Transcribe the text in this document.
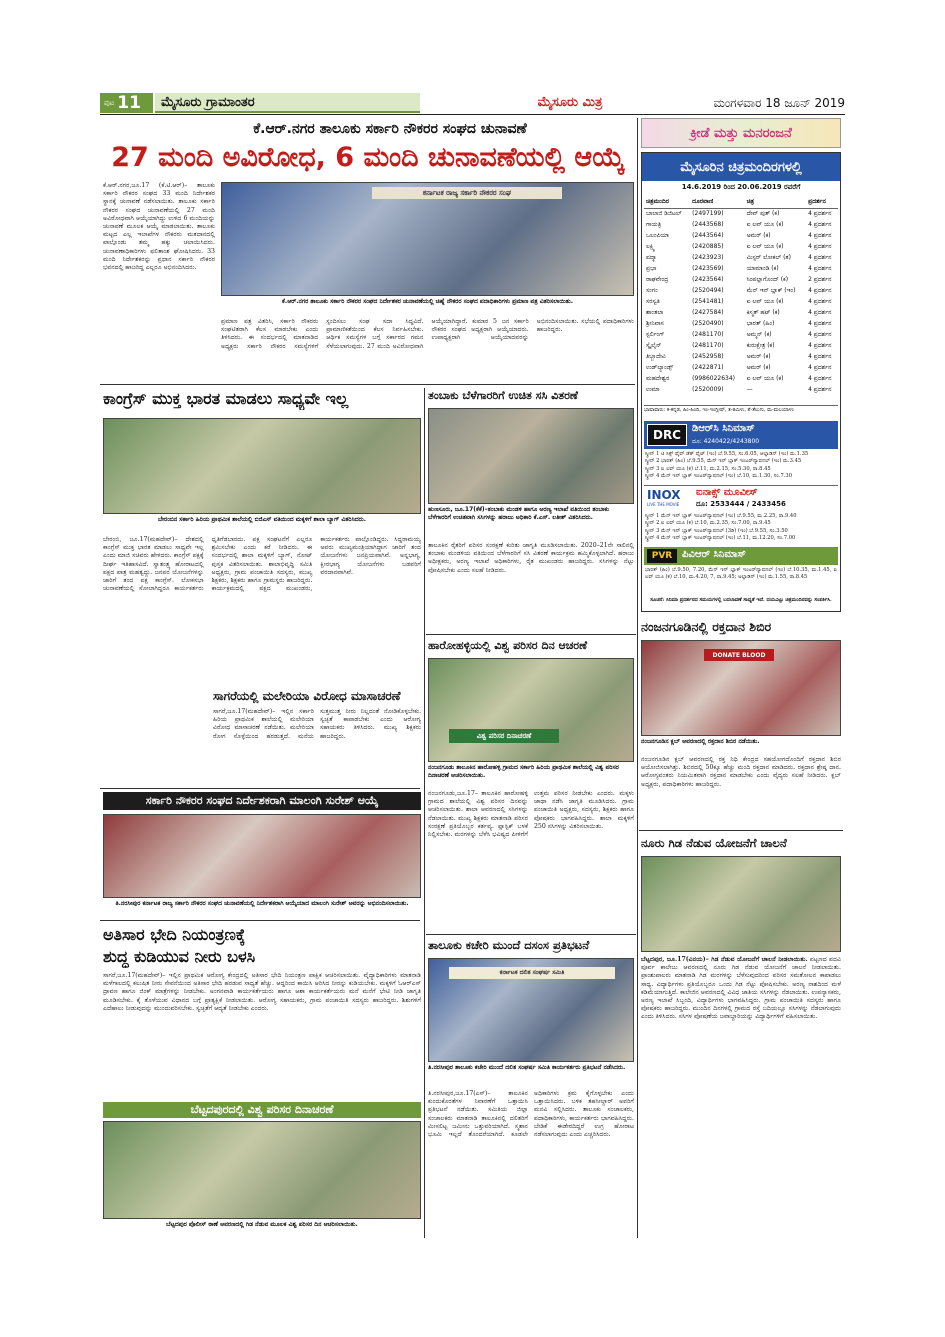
ಪುಟ 11	ಮೈಸೂರು ಗ್ರಾಮಾಂತರ	ಮೈಸೂರು ಮಿತ್ರ	ಮಂಗಳವಾರ 18 ಜೂನ್ 2019
ಕೆ.ಆರ್.ನಗರ ತಾಲೂಕು ಸರ್ಕಾರಿ ನೌಕರರ ಸಂಘದ ಚುನಾವಣೆ
27 ಮಂದಿ ಅವಿರೋಧ, 6 ಮಂದಿ ಚುನಾವಣೆಯಲ್ಲಿ ಆಯ್ಕೆ
ಕೆ.ಆರ್.ನಗರ,ಜೂ.17 (ಕೆ.ಟಿ.ಆರ್)– ತಾಲೂಕು ಸರ್ಕಾರಿ ನೌಕರರ ಸಂಘದ 33 ಮಂದಿ ನಿರ್ದೇಶಕರ ಸ್ಥಾನಕ್ಕೆ ಚುನಾವಣೆ ನಡೆಸಲಾಯಿತು. ತಾಲೂಕು ಸರ್ಕಾರಿ ನೌಕರರ ಸಂಘದ ಚುನಾವಣೆಯಲ್ಲಿ 27 ಮಂದಿ ಅವಿರೋಧವಾಗಿ ಆಯ್ಕೆಯಾಗಿದ್ದು ಉಳಿದ 6 ಮಂದಿಯನ್ನು ಚುನಾವಣೆ ಮೂಲಕ ಆಯ್ಕೆ ಮಾಡಲಾಯಿತು. ತಾಲೂಕು ಮಟ್ಟದ ಎಲ್ಲ ಇಲಾಖೆಗಳ ನೌಕರರು ಮತದಾನದಲ್ಲಿ ಪಾಲ್ಗೊಂಡು ತಮ್ಮ ಹಕ್ಕು ಚಲಾಯಿಸಿದರು. ಚುನಾವಣಾಧಿಕಾರಿಗಳು ಫಲಿತಾಂಶ ಘೋಷಿಸಿದರು. 33 ಮಂದಿ ನಿರ್ದೇಶಕರನ್ನು ಪ್ರಧಾನ ಸರ್ಕಾರಿ ನೌಕರರ ಭವನದಲ್ಲಿ ಹಾಜರಿದ್ದ ಎಲ್ಲರೂ ಅಭಿನಂದಿಸಿದರು.
ಕರ್ನಾಟಕ ರಾಜ್ಯ ಸರ್ಕಾರಿ ನೌಕರರ ಸಂಘ
ಕೆ.ಆರ್.ನಗರ ತಾಲೂಕು ಸರ್ಕಾರಿ ನೌಕರರ ಸಂಘದ ನಿರ್ದೇಶಕರ ಚುನಾವಣೆಯಲ್ಲಿ ಚಿಹ್ನೆ ನೌಕರರ ಸಂಘದ ಪದಾಧಿಕಾರಿಗಳು ಪ್ರಮಾಣ ಪತ್ರ ವಿತರಿಸಲಾಯಿತು.
ಪ್ರಮಾಣ ಪತ್ರ ವಿತರಿಸಿ, ಸರ್ಕಾರಿ ನೌಕರರು ಸಂಘಟಿತರಾಗಿ ಕೆಲಸ ಮಾಡಬೇಕು ಎಂದು ತಿಳಿಸಿದರು. ಈ ಸಂದರ್ಭದಲ್ಲಿ ಮಾತನಾಡಿದ ಅಧ್ಯಕ್ಷರು ಸರ್ಕಾರಿ ನೌಕರರ ಸಮಸ್ಯೆಗಳಿಗೆ ಸ್ಪಂದಿಸಲು ಸಂಘ ಸದಾ ಸಿದ್ಧವಿದೆ. ಪ್ರಾಮಾಣಿಕತೆಯಿಂದ ಕೆಲಸ ನಿರ್ವಹಿಸಬೇಕು. ಆರ್ಥಿಕ ಸಮಸ್ಯೆಗಳ ಬಗ್ಗೆ ಸರ್ಕಾರದ ಗಮನ ಸೆಳೆಯಲಾಗುವುದು. 27 ಮಂದಿ ಅವಿರೋಧವಾಗಿ ಆಯ್ಕೆಯಾಗಿದ್ದಾರೆ. ಕುಮಾರ 5 ಜನ ಸರ್ಕಾರಿ ನೌಕರರ ಸಂಘದ ಅಧ್ಯಕ್ಷರಾಗಿ ಆಯ್ಕೆಯಾದರು. ಉಪಾಧ್ಯಕ್ಷರಾಗಿ ಆಯ್ಕೆಯಾದವರನ್ನು ಅಭಿನಂದಿಸಲಾಯಿತು. ಸಭೆಯಲ್ಲಿ ಪದಾಧಿಕಾರಿಗಳು ಹಾಜರಿದ್ದರು.
ಕಾಂಗ್ರೆಸ್ ಮುಕ್ತ ಭಾರತ ಮಾಡಲು ಸಾಧ್ಯವೇ ಇಲ್ಲ
ಬೇರಂಬಿನ ಸರ್ಕಾರಿ ಹಿರಿಯ ಪ್ರಾಥಮಿಕ ಶಾಲೆಯಲ್ಲಿ ಬಿಜಿಎಸ್ ವತಿಯಿಂದ ಮಕ್ಕಳಿಗೆ ಶಾಲಾ ಬ್ಯಾಗ್ ವಿತರಿಸಿದರು.
ಬೇರಂಬಿ, ಜೂ.17(ಮಹದೇವ್)– ದೇಶದಲ್ಲಿ ಕಾಂಗ್ರೆಸ್ ಮುಕ್ತ ಭಾರತ ಮಾಡಲು ಸಾಧ್ಯವೇ ಇಲ್ಲ ಎಂದು ಮಾಜಿ ಸಚಿವರು ಹೇಳಿದರು. ಕಾಂಗ್ರೆಸ್ ಪಕ್ಷಕ್ಕೆ ದೀರ್ಘ ಇತಿಹಾಸವಿದೆ. ಸ್ವಾತಂತ್ರ್ಯ ಹೋರಾಟದಲ್ಲಿ ಪಕ್ಷದ ಪಾತ್ರ ಮಹತ್ವದ್ದು. ಜನಪರ ಯೋಜನೆಗಳನ್ನು ಜಾರಿಗೆ ತಂದ ಪಕ್ಷ ಕಾಂಗ್ರೆಸ್. ಲೋಕಸಭಾ ಚುನಾವಣೆಯಲ್ಲಿ ಸೋಲಾಗಿದ್ದರೂ ಕಾರ್ಯಕರ್ತರು ಧೃತಿಗೆಡಬಾರದು. ಪಕ್ಷ ಸಂಘಟನೆಗೆ ಎಲ್ಲರೂ ಶ್ರಮಿಸಬೇಕು ಎಂದು ಕರೆ ನೀಡಿದರು. ಈ ಸಂದರ್ಭದಲ್ಲಿ ಶಾಲಾ ಮಕ್ಕಳಿಗೆ ಬ್ಯಾಗ್, ನೋಟ್ ಪುಸ್ತಕ ವಿತರಿಸಲಾಯಿತು. ಶಾಲಾಭಿವೃದ್ಧಿ ಸಮಿತಿ ಅಧ್ಯಕ್ಷರು, ಗ್ರಾಮ ಪಂಚಾಯಿತಿ ಸದಸ್ಯರು, ಮುಖ್ಯ ಶಿಕ್ಷಕರು, ಶಿಕ್ಷಕರು ಹಾಗೂ ಗ್ರಾಮಸ್ಥರು ಹಾಜರಿದ್ದರು. ಕಾರ್ಯಕ್ರಮದಲ್ಲಿ ಪಕ್ಷದ ಮುಖಂಡರು, ಕಾರ್ಯಕರ್ತರು ಪಾಲ್ಗೊಂಡಿದ್ದರು. ಸಿದ್ದರಾಮಯ್ಯ ಅವರು ಮುಖ್ಯಮಂತ್ರಿಯಾಗಿದ್ದಾಗ ಜಾರಿಗೆ ತಂದ ಯೋಜನೆಗಳು ಜನಪ್ರಿಯವಾಗಿವೆ. ಅನ್ನಭಾಗ್ಯ, ಕ್ಷೀರಭಾಗ್ಯ ಯೋಜನೆಗಳು ಬಡವರಿಗೆ ವರದಾನವಾಗಿವೆ.
ಸಾಗರೆಯಲ್ಲಿ ಮಲೇರಿಯಾ ವಿರೋಧ ಮಾಸಾಚರಣೆ
ಸಾಗರೆ,ಜೂ.17(ಮಹದೇವ್)– ಇಲ್ಲಿನ ಸರ್ಕಾರಿ ಹಿರಿಯ ಪ್ರಾಥಮಿಕ ಶಾಲೆಯಲ್ಲಿ ಮಲೇರಿಯಾ ವಿರೋಧ ಮಾಸಾಚರಣೆ ನಡೆಯಿತು. ಮಲೇರಿಯಾ ರೋಗ ಸೊಳ್ಳೆಯಿಂದ ಹರಡುತ್ತದೆ. ಮನೆಯ ಸುತ್ತಮುತ್ತ ನೀರು ನಿಲ್ಲದಂತೆ ನೋಡಿಕೊಳ್ಳಬೇಕು. ಸ್ವಚ್ಛತೆ ಕಾಪಾಡಬೇಕು ಎಂದು ಆರೋಗ್ಯ ಸಹಾಯಕರು ತಿಳಿಸಿದರು. ಮುಖ್ಯ ಶಿಕ್ಷಕರು ಹಾಜರಿದ್ದರು.
ಸರ್ಕಾರಿ ನೌಕರರ ಸಂಘದ ನಿರ್ದೇಶಕರಾಗಿ ಮಾಲಂಗಿ ಸುರೇಶ್ ಆಯ್ಕೆ
ತಿ.ನರಸೀಪುರ ಕರ್ನಾಟಕ ರಾಜ್ಯ ಸರ್ಕಾರಿ ನೌಕರರ ಸಂಘದ ಚುನಾವಣೆಯಲ್ಲಿ ನಿರ್ದೇಶಕರಾಗಿ ಆಯ್ಕೆಯಾದ ಮಾಲಂಗಿ ಸುರೇಶ್ ಅವರನ್ನು ಅಭಿನಂದಿಸಲಾಯಿತು.
ಅತಿಸಾರ ಭೇದಿ ನಿಯಂತ್ರಣಕ್ಕೆ
ಶುದ್ಧ ಕುಡಿಯುವ ನೀರು ಬಳಸಿ
ಸಾಗರೆ,ಜೂ.17(ಮಹದೇವ್)– ಇಲ್ಲಿನ ಪ್ರಾಥಮಿಕ ಆರೋಗ್ಯ ಕೇಂದ್ರದಲ್ಲಿ ಅತಿಸಾರ ಭೇದಿ ನಿಯಂತ್ರಣ ಪಾಕ್ಷಿಕ ಆಚರಿಸಲಾಯಿತು. ವೈದ್ಯಾಧಿಕಾರಿಗಳು ಮಾತನಾಡಿ ಮಳೆಗಾಲದಲ್ಲಿ ಕಲುಷಿತ ನೀರು ಸೇವನೆಯಿಂದ ಅತಿಸಾರ ಭೇದಿ ಹರಡುವ ಸಾಧ್ಯತೆ ಹೆಚ್ಚು. ಆದ್ದರಿಂದ ಕಾಯಿಸಿ ಆರಿಸಿದ ನೀರನ್ನು ಕುಡಿಯಬೇಕು. ಮಕ್ಕಳಿಗೆ ಓಆರ್‌ಎಸ್ ದ್ರಾವಣ ಹಾಗೂ ಜಿಂಕ್ ಮಾತ್ರೆಗಳನ್ನು ನೀಡಬೇಕು. ಅಂಗನವಾಡಿ ಕಾರ್ಯಕರ್ತೆಯರು ಹಾಗೂ ಆಶಾ ಕಾರ್ಯಕರ್ತೆಯರು ಮನೆ ಮನೆಗೆ ಭೇಟಿ ನೀಡಿ ಜಾಗೃತಿ ಮೂಡಿಸಬೇಕು. ಕೈ ತೊಳೆಯುವ ವಿಧಾನದ ಬಗ್ಗೆ ಪ್ರಾತ್ಯಕ್ಷಿಕೆ ನೀಡಲಾಯಿತು. ಆರೋಗ್ಯ ಸಹಾಯಕರು, ಗ್ರಾಮ ಪಂಚಾಯಿತಿ ಸದಸ್ಯರು ಹಾಜರಿದ್ದರು. ಶಿಶುಗಳಿಗೆ ಎದೆಹಾಲು ನೀಡುವುದನ್ನು ಮುಂದುವರಿಸಬೇಕು. ಸ್ವಚ್ಛತೆಗೆ ಆದ್ಯತೆ ನೀಡಬೇಕು ಎಂದರು.
ಬೆಟ್ಟದಪುರದಲ್ಲಿ ವಿಶ್ವ ಪರಿಸರ ದಿನಾಚರಣೆ
ಬೆಟ್ಟದಪುರ ಪೊಲೀಸ್ ಠಾಣೆ ಆವರಣದಲ್ಲಿ ಗಿಡ ನೆಡುವ ಮೂಲಕ ವಿಶ್ವ ಪರಿಸರ ದಿನ ಆಚರಿಸಲಾಯಿತು.
ತಂಬಾಕು ಬೆಳೆಗಾರರಿಗೆ ಉಚಿತ ಸಸಿ ವಿತರಣೆ
ಹುಣಸೂರು, ಜೂ.17(ಕೆಕೆ)–ತಂಬಾಕು ಮಂಡಳಿ ಹಾಗೂ ಅರಣ್ಯ ಇಲಾಖೆ ವತಿಯಿಂದ ತಂಬಾಕು ಬೆಳೆಗಾರರಿಗೆ ಉಚಿತವಾಗಿ ಸಸಿಗಳನ್ನು ಹರಾಜು ಅಧಿಕಾರಿ ಕೆ.ಎಸ್. ಲತೀಶ್ ವಿತರಿಸಿದರು.
ತಾಲೂಕಿನ ರೈತರಿಗೆ ಪರಿಸರ ಸಂರಕ್ಷಣೆ ಕುರಿತು ಜಾಗೃತಿ ಮೂಡಿಸಲಾಯಿತು. 2020–21ನೇ ಸಾಲಿನಲ್ಲಿ ತಂಬಾಕು ಮಂಡಳಿಯ ವತಿಯಿಂದ ಬೆಳೆಗಾರರಿಗೆ ಸಸಿ ವಿತರಣೆ ಕಾರ್ಯಕ್ರಮ ಹಮ್ಮಿಕೊಳ್ಳಲಾಗಿದೆ. ಹರಾಜು ಅಧೀಕ್ಷಕರು, ಅರಣ್ಯ ಇಲಾಖೆ ಅಧಿಕಾರಿಗಳು, ರೈತ ಮುಖಂಡರು ಹಾಜರಿದ್ದರು. ಸಸಿಗಳನ್ನು ನೆಟ್ಟು ಪೋಷಿಸಬೇಕು ಎಂದು ಸಲಹೆ ನೀಡಿದರು.
ಹಾರೋಹಳ್ಳಿಯಲ್ಲಿ ವಿಶ್ವ ಪರಿಸರ ದಿನ ಆಚರಣೆ
ವಿಶ್ವ ಪರಿಸರ ದಿನಾಚರಣೆ
ನಂಜನಗೂಡು ತಾಲೂಕಿನ ಹಾರೋಹಳ್ಳಿ ಗ್ರಾಮದ ಸರ್ಕಾರಿ ಹಿರಿಯ ಪ್ರಾಥಮಿಕ ಶಾಲೆಯಲ್ಲಿ ವಿಶ್ವ ಪರಿಸರ ದಿನಾಚರಣೆ ಆಚರಿಸಲಾಯಿತು.
ನಂಜನಗೂಡು,ಜೂ.17– ತಾಲೂಕಿನ ಹಾರೋಹಳ್ಳಿ ಗ್ರಾಮದ ಶಾಲೆಯಲ್ಲಿ ವಿಶ್ವ ಪರಿಸರ ದಿನವನ್ನು ಆಚರಿಸಲಾಯಿತು. ಶಾಲಾ ಆವರಣದಲ್ಲಿ ಸಸಿಗಳನ್ನು ನೆಡಲಾಯಿತು. ಮುಖ್ಯ ಶಿಕ್ಷಕರು ಮಾತನಾಡಿ ಪರಿಸರ ಸಂರಕ್ಷಣೆ ಪ್ರತಿಯೊಬ್ಬರ ಕರ್ತವ್ಯ. ಪ್ಲಾಸ್ಟಿಕ್ ಬಳಕೆ ನಿಲ್ಲಿಸಬೇಕು. ಮರಗಳನ್ನು ಬೆಳೆಸಿ ಭವಿಷ್ಯದ ಪೀಳಿಗೆಗೆ ಉತ್ತಮ ಪರಿಸರ ನೀಡಬೇಕು ಎಂದರು. ಮಕ್ಕಳು ಜಾಥಾ ನಡೆಸಿ ಜಾಗೃತಿ ಮೂಡಿಸಿದರು. ಗ್ರಾಮ ಪಂಚಾಯಿತಿ ಅಧ್ಯಕ್ಷರು, ಸದಸ್ಯರು, ಶಿಕ್ಷಕರು ಹಾಗೂ ಪೋಷಕರು ಭಾಗವಹಿಸಿದ್ದರು. ಶಾಲಾ ಮಕ್ಕಳಿಗೆ 250 ಸಸಿಗಳನ್ನು ವಿತರಿಸಲಾಯಿತು.
ತಾಲೂಕು ಕಚೇರಿ ಮುಂದೆ ದಸಂಸ ಪ್ರತಿಭಟನೆ
ಕರ್ನಾಟಕ ದಲಿತ ಸಂಘರ್ಷ ಸಮಿತಿ
ತಿ.ನರಸೀಪುರ ತಾಲೂಕು ಕಚೇರಿ ಮುಂದೆ ದಲಿತ ಸಂಘರ್ಷ ಸಮಿತಿ ಕಾರ್ಯಕರ್ತರು ಪ್ರತಿಭಟನೆ ನಡೆಸಿದರು.
ತಿ.ನರಸೀಪುರ,ಜೂ.17(ಎಸ್)– ತಾಲೂಕಿನ ಕುಂದುಕೊರತೆಗಳ ನಿವಾರಣೆಗೆ ಒತ್ತಾಯಿಸಿ ಪ್ರತಿಭಟನೆ ನಡೆಯಿತು. ಸಮಿತಿಯ ಜಿಲ್ಲಾ ಸಂಚಾಲಕರು ಮಾತನಾಡಿ ತಾಲೂಕಿನಲ್ಲಿ ದಲಿತರಿಗೆ ಮೀಸಲಿಟ್ಟ ಜಮೀನು ಒತ್ತುವರಿಯಾಗಿದೆ. ಸ್ಮಶಾನ ಭೂಮಿ ಇಲ್ಲದೆ ತೊಂದರೆಯಾಗಿದೆ. ಕೂಡಲೇ ಅಧಿಕಾರಿಗಳು ಕ್ರಮ ಕೈಗೊಳ್ಳಬೇಕು ಎಂದು ಒತ್ತಾಯಿಸಿದರು. ಬಳಿಕ ತಹಸೀಲ್ದಾರ್ ಅವರಿಗೆ ಮನವಿ ಸಲ್ಲಿಸಿದರು. ತಾಲೂಕು ಸಂಚಾಲಕರು, ಪದಾಧಿಕಾರಿಗಳು, ಕಾರ್ಯಕರ್ತರು ಭಾಗವಹಿಸಿದ್ದರು. ಬೇಡಿಕೆ ಈಡೇರದಿದ್ದರೆ ಉಗ್ರ ಹೋರಾಟ ನಡೆಸಲಾಗುವುದು ಎಂದು ಎಚ್ಚರಿಸಿದರು.
ಕ್ರೀಡೆ ಮತ್ತು ಮನರಂಜನೆ
ಮೈಸೂರಿನ ಚಿತ್ರಮಂದಿರಗಳಲ್ಲಿ
14.6.2019 ರಿಂದ 20.06.2019 ರವರೆಗೆ
ಚಿತ್ರಮಂದಿರ	ದೂರವಾಣಿ	ಚಿತ್ರ	ಪ್ರದರ್ಶನ
ಬಾಲಾಜಿ ಡಿಜಿಟಲ್	(2497199)	ದೇವ್ ಪುತ್ (ಕ)	4 ಪ್ರದರ್ಶನ
ಗಾಯತ್ರಿ	(2443568)	ಐ ಲವ್ ಯೂ (ಕ)	4 ಪ್ರದರ್ಶನ
ಒಲಂಪಿಯಾ	(2443564)	ಅಮರ್ (ಕ)	4 ಪ್ರದರ್ಶನ
ಲಕ್ಷ್ಮಿ	(2420885)	ಐ ಲವ್ ಯೂ (ಕ)	4 ಪ್ರದರ್ಶನ
ಪದ್ಮಾ	(2423923)	ಮಿಸ್ಟರ್ ಲೋಕಲ್ (ತ)	4 ಪ್ರದರ್ಶನ
ಪ್ರಭಾ	(2423569)	ಯಾಮಾಂಡಿ (ಕ)	4 ಪ್ರದರ್ಶನ
ರಾಘವೇಂದ್ರ	(2423564)	ಸಿಂಪಲ್ಲಾಗೊಂದ್ (ಕ)	2 ಪ್ರದರ್ಶನ
ಸಂಗಂ	(2520494)	ಮೆನ್ ಇನ್ ಬ್ಲಾಕ್ (ಇಂ)	4 ಪ್ರದರ್ಶನ
ಸರಸ್ವತಿ	(2541481)	ಐ ಲವ್ ಯೂ (ಕ)	4 ಪ್ರದರ್ಶನ
ಶಾಂತಲಾ	(2427584)	ಕಿಸ್ಮತ್ ಹಟ್ (ಕ)	4 ಪ್ರದರ್ಶನ
ಶ್ರೀನಿವಾಸ	(2520490)	ಭಾರತ್ (ಹಿಂ)	4 ಪ್ರದರ್ಶನ
ಸ್ಟರ್ಲಿಂಗ್	(2481170)	ಅಮ್ಮನ್ (ಕ)	4 ಪ್ರದರ್ಶನ
ಸ್ಕೈಲೈನ್	(2481170)	ಕುರುಕ್ಷೇತ್ರ (ಕ)	4 ಪ್ರದರ್ಶನ
ತಿಬ್ಬಾದೇವಿ	(2452958)	ಅಮರ್ (ಕ)	4 ಪ್ರದರ್ಶನ
ಉಡ್‌ಲ್ಯಾಂಡ್ಸ್	(2422871)	ಅಮರ್ (ಕ)	4 ಪ್ರದರ್ಶನ
ಮಹದೇಶ್ವರ	(9986022634)	ಐ ಲವ್ ಯೂ (ಕ)	4 ಪ್ರದರ್ಶನ
ಉಮಾ	(2520009)	—	4 ಪ್ರದರ್ಶನ
ಭಾಷಾವಾರು: ಕ-ಕನ್ನಡ, ಹಿಂ-ಹಿಂದಿ, ಇಂ-ಇಂಗ್ಲೀಷ್, ತ-ತಮಿಳು, ತೆ-ತೆಲುಗು, ಮ-ಮಲಯಾಳಂ
DRC	ಡಿಆರ್‌ಸಿ ಸಿನಿಮಾಸ್
ದೂ: 4240422/4243800
ಸ್ಕ್ರೀನ್ 1 ಟಿ ಸಿಕ್ಸ್ ಫೈವ್ ಡೆತ್ ಫೈಟ್ (ಇಂ) ಬೆ.9.55, ಸಂ.6.05, ಆಲ್ಲಾಡಿನ್ (ಇಂ) ಮ.1.35
ಸ್ಕ್ರೀನ್ 2 ಭಾರತ್ (ಹಿಂ) ಬೆ.9.55, ಮೆನ್ ಇನ್ ಬ್ಲಾಕ್ ಇಂಟರ್‌ನ್ಯಾಷನಲ್ (ಇಂ) ಮ.3.45
ಸ್ಕ್ರೀನ್ 3 ಐ ಲವ್ ಯೂ (ಕ) ಬೆ.11, ಮ.2.15, ಸಂ.5.30, ರಾ.8.45
ಸ್ಕ್ರೀನ್ 4 ಮೆನ್ ಇನ್ ಬ್ಲಾಕ್ ಇಂಟರ್‌ನ್ಯಾಷನಲ್ (ಇಂ) ಬೆ.10, ಮ.1.30, ಸಂ.7.30
INOX
LIVE THE MOVIE
ಐನಾಕ್ಸ್ ಮೂವೀಸ್
ದೂ: 2533444 / 2433456
ಸ್ಕ್ರೀನ್ 1 ಮೆನ್ ಇನ್ ಬ್ಲಾಕ್ ಇಂಟರ್‌ನ್ಯಾಷನಲ್ (ಇಂ) ಬೆ.9.55, ಮ.2.25, ರಾ.9.40
ಸ್ಕ್ರೀನ್ 2 ಐ ಲವ್ ಯೂ (ಕ) ಬೆ.10, ಮ.2.35, ಸಂ.7.00, ರಾ.9.45
ಸ್ಕ್ರೀನ್ 3 ಮೆನ್ ಇನ್ ಬ್ಲಾಕ್ ಇಂಟರ್‌ನ್ಯಾಷನಲ್ (3ಡಿ) (ಇಂ) ಬೆ.9.55, ಸಂ.3.50
ಸ್ಕ್ರೀನ್ 4 ಮೆನ್ ಇನ್ ಬ್ಲಾಕ್ ಇಂಟರ್‌ನ್ಯಾಷನಲ್ (ಇಂ) ಬೆ.11, ಮ.12.20, ಸಂ.7.00
PVR ಪಿವಿಆರ್ ಸಿನಿಮಾಸ್
ಭಾರತ್ (ಹಿಂ) ಬೆ.9.50, 7.20, ಮೆನ್ ಇನ್ ಬ್ಲಾಕ್ ಇಂಟರ್‌ನ್ಯಾಷನಲ್ (ಇಂ) ಬೆ.10.35, ಮ.1.45, ಐ ಲವ್ ಯೂ (ಕ) ಬೆ.10, ಮ.4.20, 7, ರಾ.9.45; ಅಲ್ಲಾಡಿನ್ (ಇಂ) ಮ.1.55, ರಾ.8.45
ಸೂಚನೆ: ಸಿನಿಮಾ ಪ್ರದರ್ಶನದ ಸಮಯಗಳಲ್ಲಿ ಬದಲಾವಣೆ ಸಾಧ್ಯತೆ ಇದೆ. ದಯವಿಟ್ಟು ಚಿತ್ರಮಂದಿರವನ್ನು ಸಂಪರ್ಕಿಸಿ.
ನಂಜನಗೂಡಿನಲ್ಲಿ ರಕ್ತದಾನ ಶಿಬಿರ
DONATE BLOOD
ನಂಜನಗೂಡಿನ ಕ್ಲಬ್ ಆವರಣದಲ್ಲಿ ರಕ್ತದಾನ ಶಿಬಿರ ನಡೆಯಿತು.
ನಂಜನಗೂಡಿನ ಕ್ಲಬ್ ಆವರಣದಲ್ಲಿ ರಕ್ತ ನಿಧಿ ಕೇಂದ್ರದ ಸಹಯೋಗದೊಂದಿಗೆ ರಕ್ತದಾನ ಶಿಬಿರ ಆಯೋಜಿಸಲಾಗಿತ್ತು. ಶಿಬಿರದಲ್ಲಿ 50ಕ್ಕೂ ಹೆಚ್ಚು ಮಂದಿ ರಕ್ತದಾನ ಮಾಡಿದರು. ರಕ್ತದಾನ ಶ್ರೇಷ್ಠ ದಾನ. ಆರೋಗ್ಯವಂತರು ನಿಯಮಿತವಾಗಿ ರಕ್ತದಾನ ಮಾಡಬೇಕು ಎಂದು ವೈದ್ಯರು ಸಲಹೆ ನೀಡಿದರು. ಕ್ಲಬ್ ಅಧ್ಯಕ್ಷರು, ಪದಾಧಿಕಾರಿಗಳು ಹಾಜರಿದ್ದರು.
ನೂರು ಗಿಡ ನೆಡುವ ಯೋಜನೆಗೆ ಚಾಲನೆ
ಬೆಟ್ಟದಪುರ, ಜೂ.17(ವಿನಯ)– ಗಿಡ ನೆಡುವ ಯೋಜನೆಗೆ ಚಾಲನೆ ನೀಡಲಾಯಿತು. ಪಟ್ಟಣದ ಪದವಿ ಪೂರ್ವ ಕಾಲೇಜು ಆವರಣದಲ್ಲಿ ನೂರು ಗಿಡ ನೆಡುವ ಯೋಜನೆಗೆ ಚಾಲನೆ ನೀಡಲಾಯಿತು. ಪ್ರಾಂಶುಪಾಲರು ಮಾತನಾಡಿ ಗಿಡ ಮರಗಳನ್ನು ಬೆಳೆಸುವುದರಿಂದ ಪರಿಸರ ಸಮತೋಲನ ಕಾಪಾಡಲು ಸಾಧ್ಯ. ವಿದ್ಯಾರ್ಥಿಗಳು ಪ್ರತಿಯೊಬ್ಬರೂ ಒಂದು ಗಿಡ ನೆಟ್ಟು ಪೋಷಿಸಬೇಕು. ಅರಣ್ಯ ನಾಶದಿಂದ ಮಳೆ ಕಡಿಮೆಯಾಗುತ್ತಿದೆ. ಕಾಲೇಜಿನ ಆವರಣದಲ್ಲಿ ವಿವಿಧ ಜಾತಿಯ ಸಸಿಗಳನ್ನು ನೆಡಲಾಯಿತು. ಉಪನ್ಯಾಸಕರು, ಅರಣ್ಯ ಇಲಾಖೆ ಸಿಬ್ಬಂದಿ, ವಿದ್ಯಾರ್ಥಿಗಳು ಭಾಗವಹಿಸಿದ್ದರು. ಗ್ರಾಮ ಪಂಚಾಯಿತಿ ಸದಸ್ಯರು ಹಾಗೂ ಪೋಷಕರು ಹಾಜರಿದ್ದರು. ಮುಂದಿನ ದಿನಗಳಲ್ಲಿ ಗ್ರಾಮದ ರಸ್ತೆ ಬದಿಯಲ್ಲೂ ಸಸಿಗಳನ್ನು ನೆಡಲಾಗುವುದು ಎಂದು ತಿಳಿಸಿದರು. ಸಸಿಗಳ ಪೋಷಣೆಯ ಜವಾಬ್ದಾರಿಯನ್ನು ವಿದ್ಯಾರ್ಥಿಗಳಿಗೆ ವಹಿಸಲಾಯಿತು.
